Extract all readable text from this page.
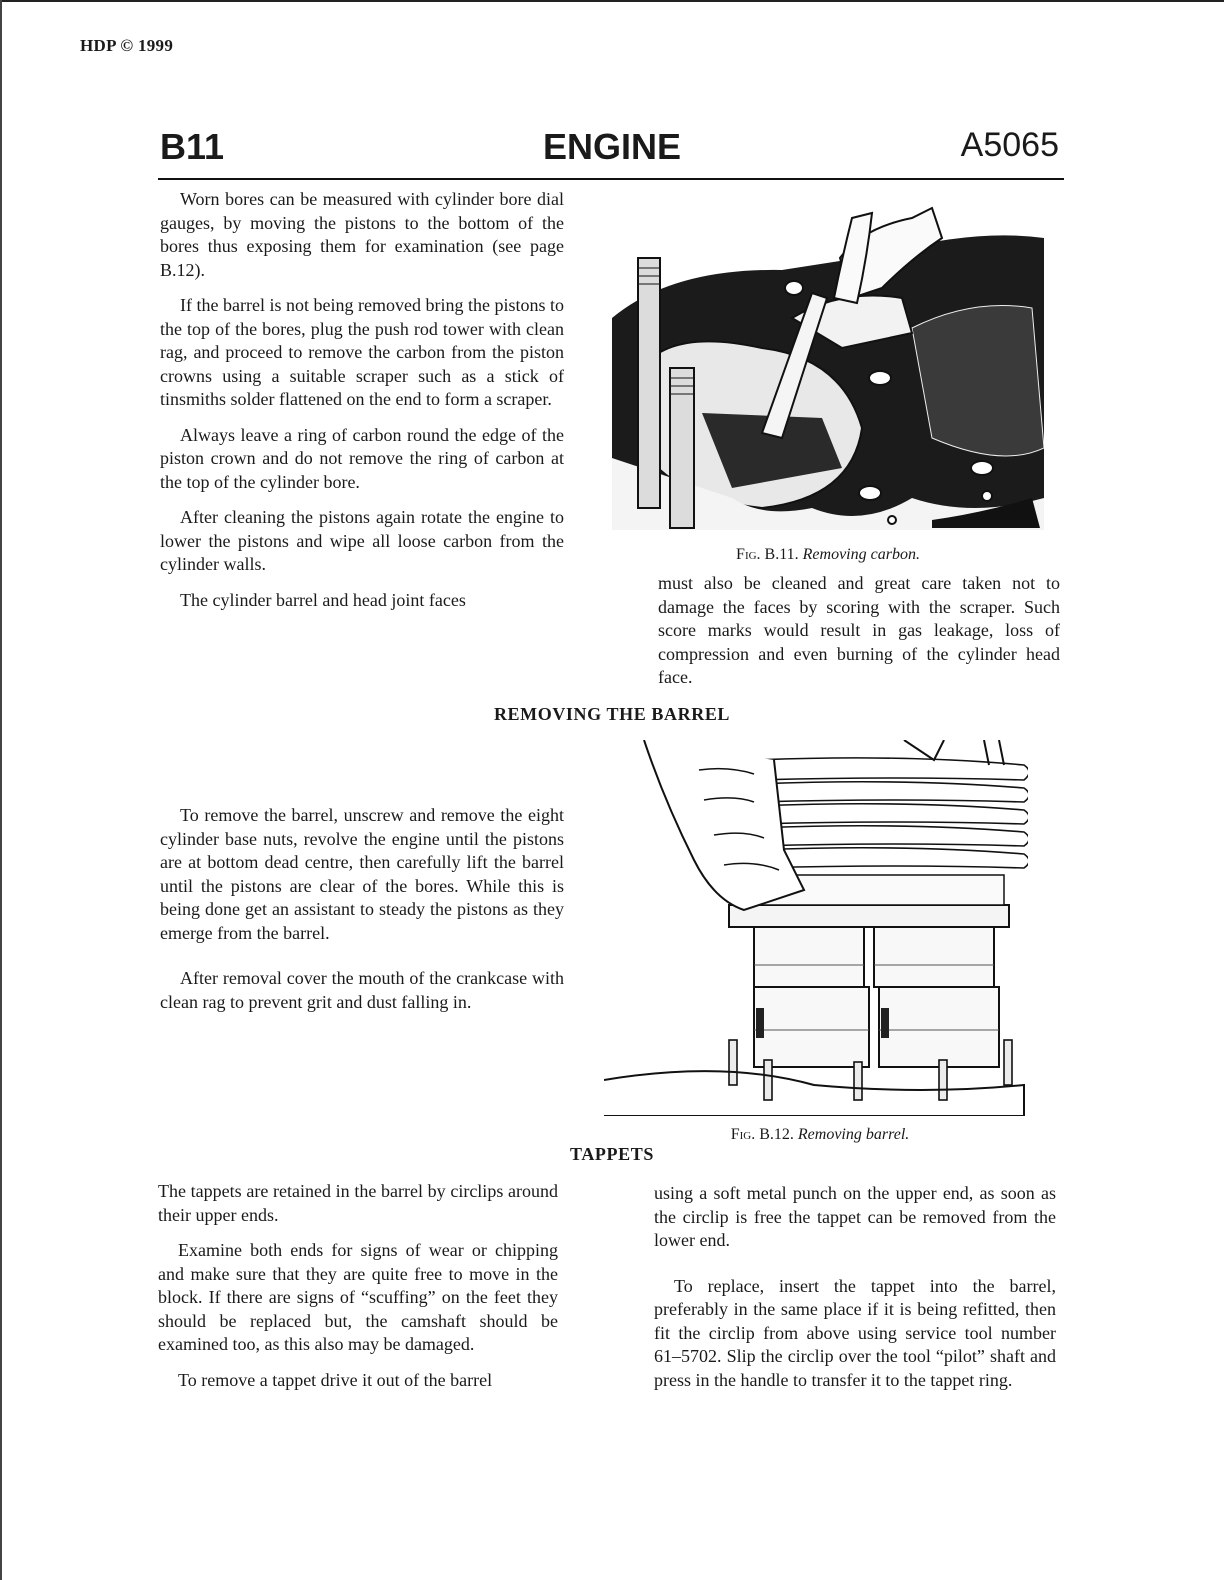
HDP © 1999
B11	ENGINE	A5065

Worn bores can be measured with cylinder bore dial gauges, by moving the pistons to the bottom of the bores thus exposing them for examination (see page B.12).

If the barrel is not being removed bring the pistons to the top of the bores, plug the push rod tower with clean rag, and proceed to remove the carbon from the piston crowns using a suitable scraper such as a stick of tinsmiths solder flattened on the end to form a scraper.

Always leave a ring of carbon round the edge of the piston crown and do not remove the ring of carbon at the top of the cylinder bore.

After cleaning the pistons again rotate the engine to lower the pistons and wipe all loose carbon from the cylinder walls.

The cylinder barrel and head joint faces

Fig. B.11. Removing carbon.

must also be cleaned and great care taken not to damage the faces by scoring with the scraper. Such score marks would result in gas leakage, loss of compression and even burning of the cylinder head face.

REMOVING THE BARREL

To remove the barrel, unscrew and remove the eight cylinder base nuts, revolve the engine until the pistons are at bottom dead centre, then carefully lift the barrel until the pistons are clear of the bores. While this is being done get an assistant to steady the pistons as they emerge from the barrel.

After removal cover the mouth of the crankcase with clean rag to prevent grit and dust falling in.

Fig. B.12. Removing barrel.
TAPPETS

The tappets are retained in the barrel by circlips around their upper ends.

Examine both ends for signs of wear or chipping and make sure that they are quite free to move in the block. If there are signs of “scuffing” on the feet they should be replaced but, the camshaft should be examined too, as this also may be damaged.

To remove a tappet drive it out of the barrel

using a soft metal punch on the upper end, as soon as the circlip is free the tappet can be removed from the lower end.

To replace, insert the tappet into the barrel, preferably in the same place if it is being refitted, then fit the circlip from above using service tool number 61–5702. Slip the circlip over the tool “pilot” shaft and press in the handle to transfer it to the tappet ring.
